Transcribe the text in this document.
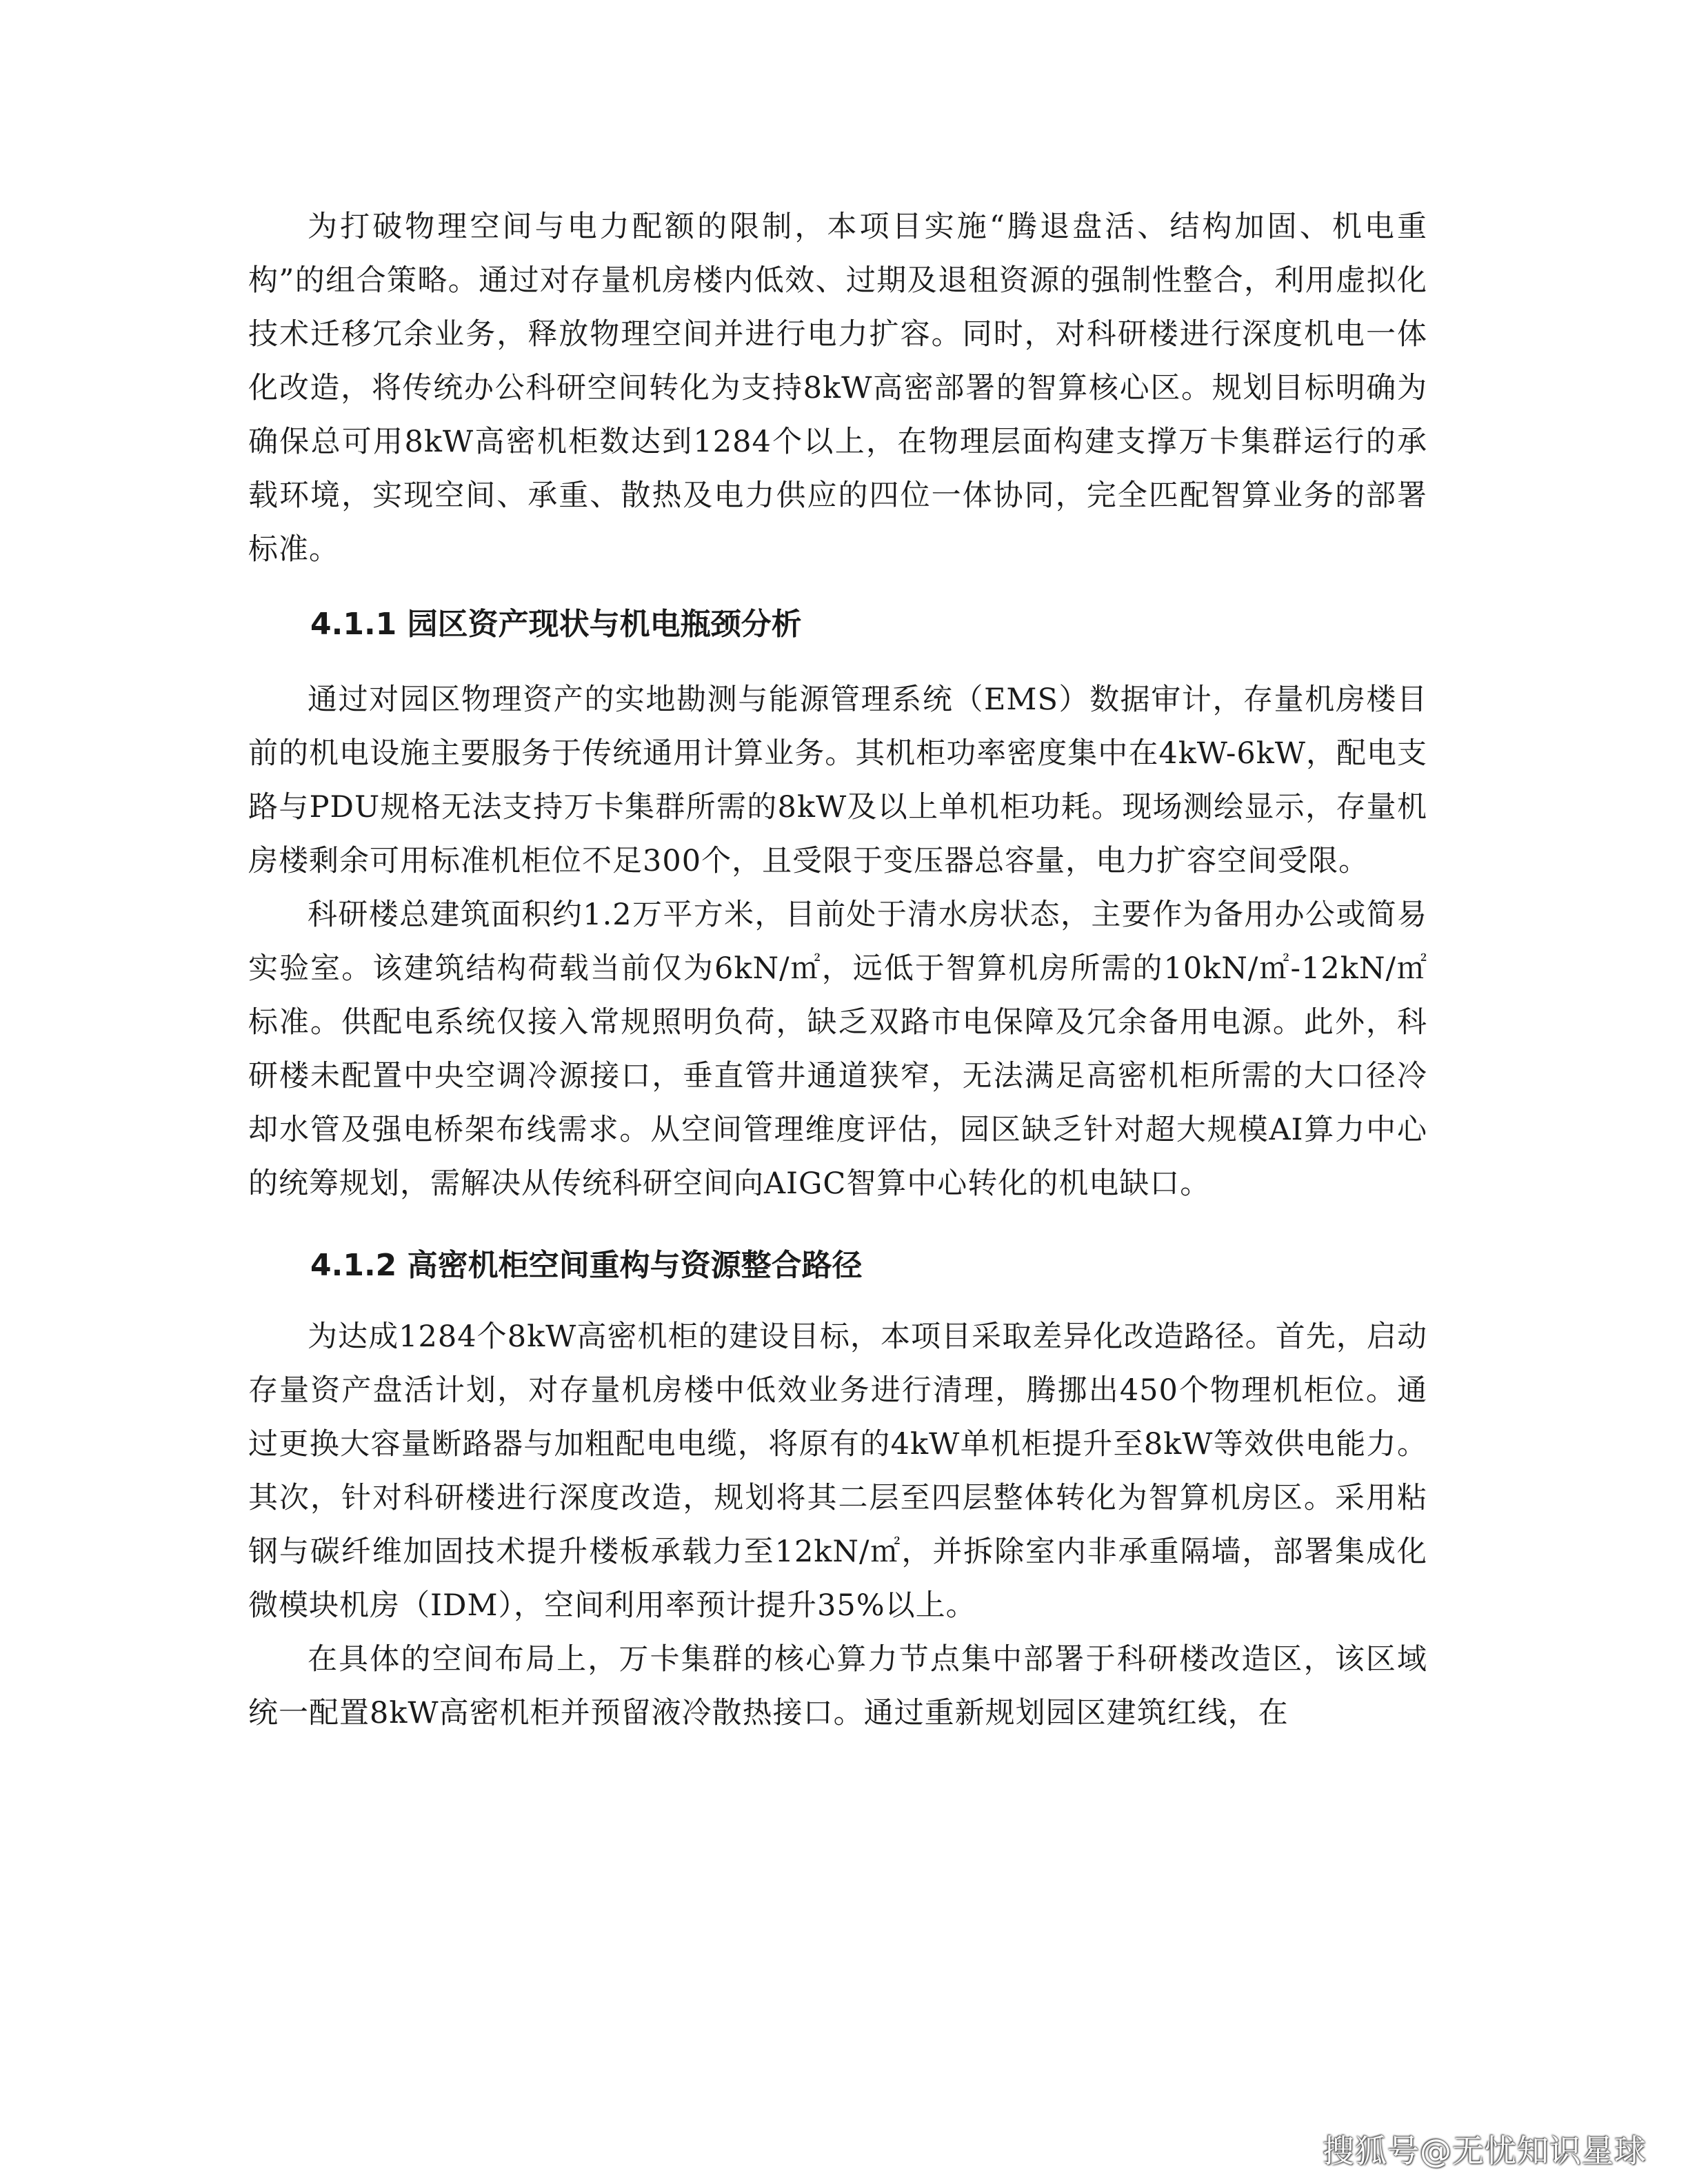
为打破物理空间与电力配额的限制，本项目实施“腾退盘活、结构加固、机电重构”的组合策略。通过对存量机房楼内低效、过期及退租资源的强制性整合，利用虚拟化技术迁移冗余业务，释放物理空间并进行电力扩容。同时，对科研楼进行深度机电一体化改造，将传统办公科研空间转化为支持8kW高密部署的智算核心区。规划目标明确为确保总可用8kW高密机柜数达到1284个以上，在物理层面构建支撑万卡集群运行的承载环境，实现空间、承重、散热及电力供应的四位一体协同，完全匹配智算业务的部署标准。

4.1.1 园区资产现状与机电瓶颈分析

通过对园区物理资产的实地勘测与能源管理系统（EMS）数据审计，存量机房楼目前的机电设施主要服务于传统通用计算业务。其机柜功率密度集中在4kW-6kW，配电支路与PDU规格无法支持万卡集群所需的8kW及以上单机柜功耗。现场测绘显示，存量机房楼剩余可用标准机柜位不足300个，且受限于变压器总容量，电力扩容空间受限。

科研楼总建筑面积约1.2万平方米，目前处于清水房状态，主要作为备用办公或简易实验室。该建筑结构荷载当前仅为6kN/㎡，远低于智算机房所需的10kN/㎡-12kN/㎡标准。供配电系统仅接入常规照明负荷，缺乏双路市电保障及冗余备用电源。此外，科研楼未配置中央空调冷源接口，垂直管井通道狭窄，无法满足高密机柜所需的大口径冷却水管及强电桥架布线需求。从空间管理维度评估，园区缺乏针对超大规模AI算力中心的统筹规划，需解决从传统科研空间向AIGC智算中心转化的机电缺口。

4.1.2 高密机柜空间重构与资源整合路径

为达成1284个8kW高密机柜的建设目标，本项目采取差异化改造路径。首先，启动存量资产盘活计划，对存量机房楼中低效业务进行清理，腾挪出450个物理机柜位。通过更换大容量断路器与加粗配电电缆，将原有的4kW单机柜提升至8kW等效供电能力。其次，针对科研楼进行深度改造，规划将其二层至四层整体转化为智算机房区。采用粘钢与碳纤维加固技术提升楼板承载力至12kN/㎡，并拆除室内非承重隔墙，部署集成化微模块机房（IDM），空间利用率预计提升35%以上。

在具体的空间布局上，万卡集群的核心算力节点集中部署于科研楼改造区，该区域统一配置8kW高密机柜并预留液冷散热接口。通过重新规划园区建筑红线，在

搜狐号@无忧知识星球
